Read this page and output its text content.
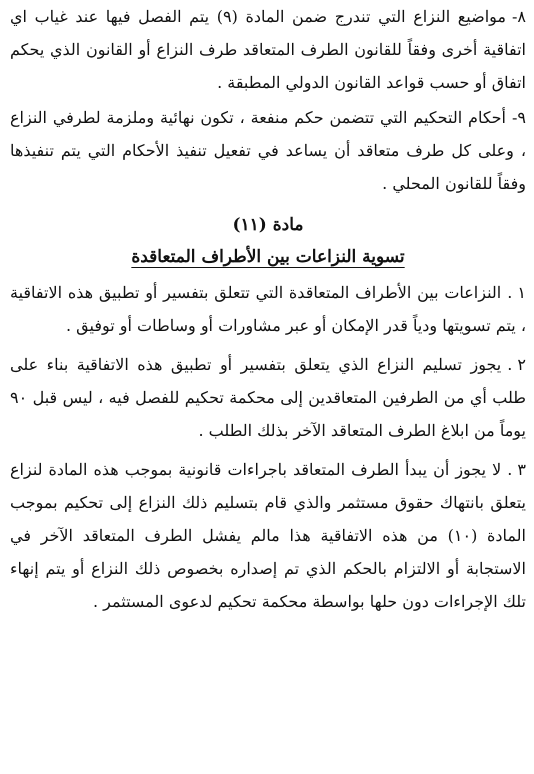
٨-مواضيع النزاع التي تندرج ضمن المادة (٩) يتم الفصل فيها عند غياب اي اتفاقية أخرى وفقاً للقانون الطرف المتعاقد طرف النزاع أو القانون الذي يحكم اتفاق أو حسب قواعد القانون الدولي المطبقة .

٩-أحكام التحكيم التي تتضمن حكم منفعة ، تكون نهائية وملزمة لطرفي النزاع ، وعلى كل طرف متعاقد أن يساعد في تفعيل تنفيذ الأحكام التي يتم تنفيذها وفقاً للقانون المحلي .

مادة (١١)

تسوية النزاعات بين الأطراف المتعاقدة

١ .النزاعات بين الأطراف المتعاقدة التي تتعلق بتفسير أو تطبيق هذه الاتفاقية ، يتم تسويتها ودياً قدر الإمكان أو عبر مشاورات أو وساطات أو توفيق .

٢ .يجوز تسليم النزاع الذي يتعلق بتفسير أو تطبيق هذه الاتفاقية بناء على طلب أي من الطرفين المتعاقدين إلى محكمة تحكيم للفصل فيه ، ليس قبل ٩٠ يوماً من ابلاغ الطرف المتعاقد الآخر بذلك الطلب .

٣ .لا يجوز أن يبدأ الطرف المتعاقد باجراءات قانونية بموجب هذه المادة لنزاع يتعلق بانتهاك حقوق مستثمر والذي قام بتسليم ذلك النزاع إلى تحكيم بموجب المادة (١٠) من هذه الاتفاقية هذا مالم يفشل الطرف المتعاقد الآخر في الاستجابة أو الالتزام بالحكم الذي تم إصداره بخصوص ذلك النزاع أو يتم إنهاء تلك الإجراءات دون حلها بواسطة محكمة تحكيم لدعوى المستثمر .
